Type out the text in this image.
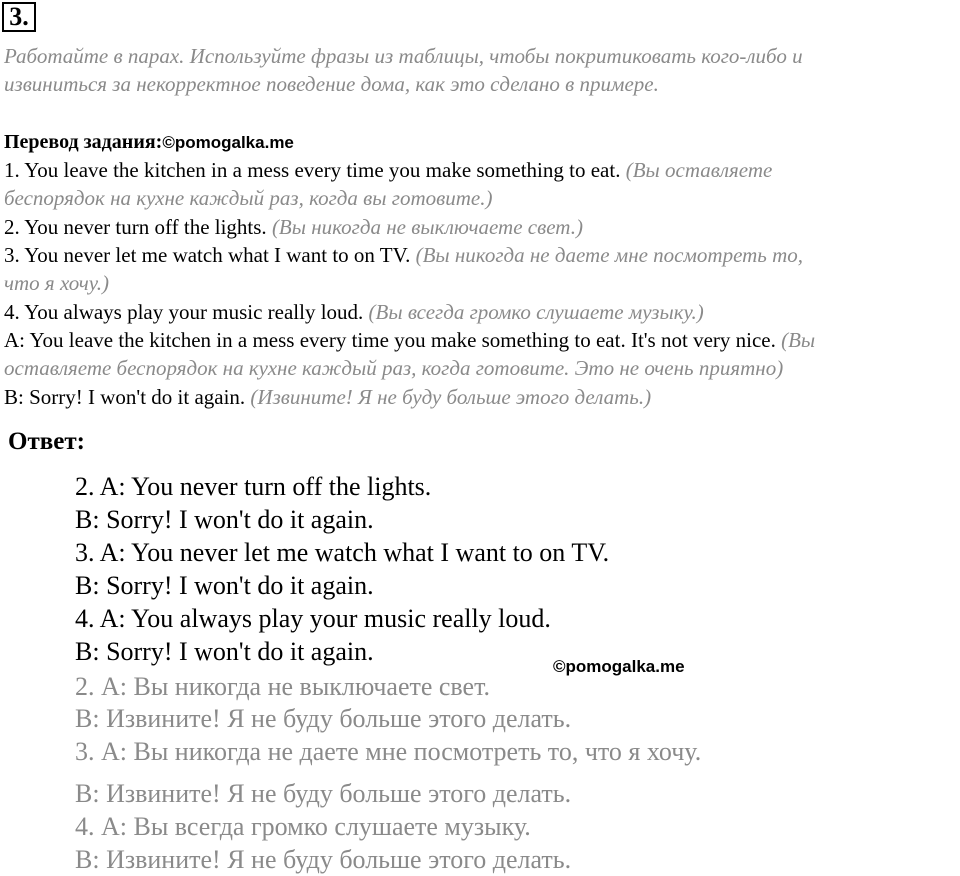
3.
Работайте в парах. Используйте фразы из таблицы, чтобы покритиковать кого-либо и
извиниться за некорректное поведение дома, как это сделано в примере.
Перевод задания:©pomogalka.me
1. You leave the kitchen in a mess every time you make something to eat. (Вы оставляете
беспорядок на кухне каждый раз, когда вы готовите.)
2. You never turn off the lights. (Вы никогда не выключаете свет.)
3. You never let me watch what I want to on TV. (Вы никогда не даете мне посмотреть то,
что я хочу.)
4. You always play your music really loud. (Вы всегда громко слушаете музыку.)
A: You leave the kitchen in a mess every time you make something to eat. It's not very nice. (Вы
оставляете беспорядок на кухне каждый раз, когда готовите. Это не очень приятно)
B: Sorry! I won't do it again. (Извините! Я не буду больше этого делать.)
Ответ:
2. A: You never turn off the lights.
B: Sorry! I won't do it again.
3. A: You never let me watch what I want to on TV.
B: Sorry! I won't do it again.
4. A: You always play your music really loud.
B: Sorry! I won't do it again.
©pomogalka.me
2. А: Вы никогда не выключаете свет.
В: Извините! Я не буду больше этого делать.
3. А: Вы никогда не даете мне посмотреть то, что я хочу.
В: Извините! Я не буду больше этого делать.
4. А: Вы всегда громко слушаете музыку.
В: Извините! Я не буду больше этого делать.
